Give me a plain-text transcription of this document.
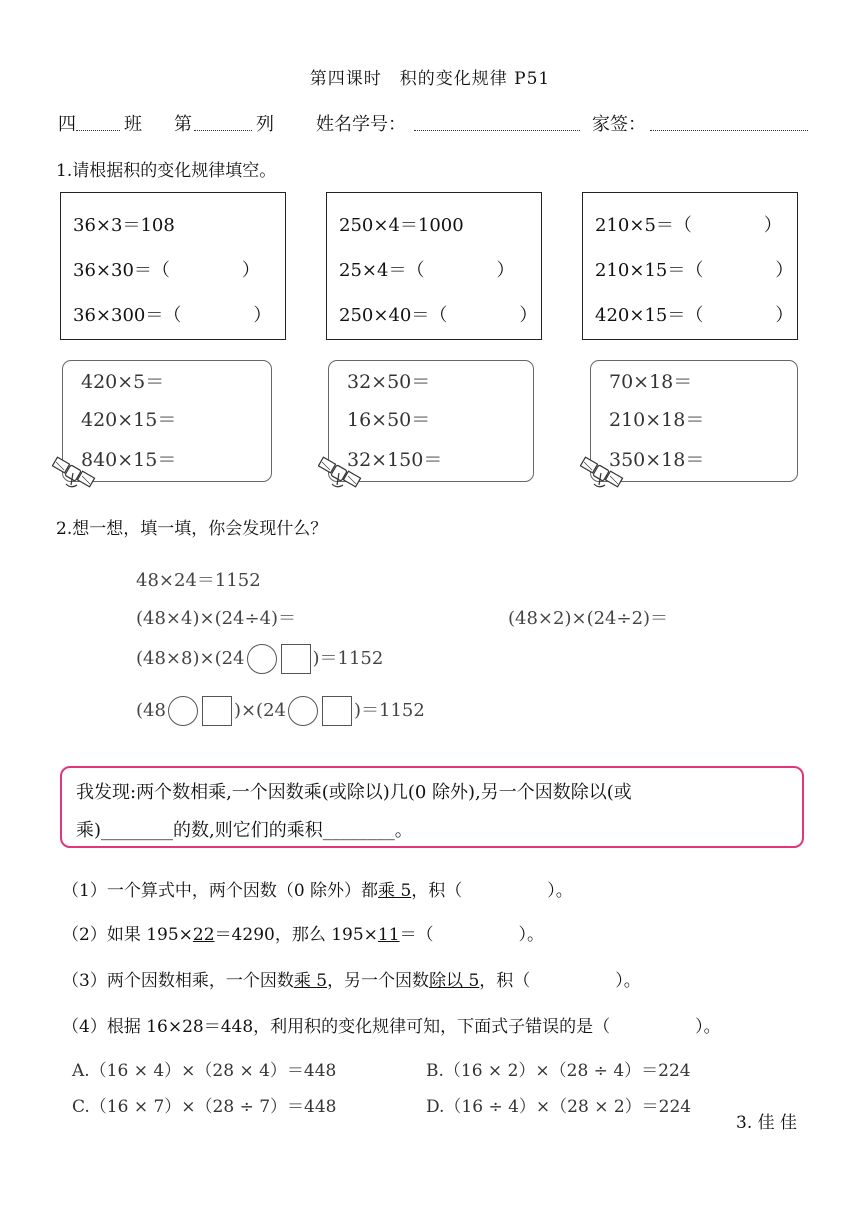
第四课时　积的变化规律 P51
四	班 第	列 姓名学号：	家签：
1.请根据积的变化规律填空。
36×3＝108
36×30＝（　　　　）
36×300＝（　　　　）
250×4＝1000
25×4＝（　　　　）
250×40＝（　　　　）
210×5＝（　　　　）
210×15＝（　　　　）
420×15＝（　　　　）
420×5＝
420×15＝
840×15＝
32×50＝
16×50＝
32×150＝
70×18＝
210×18＝
350×18＝
2.想一想，填一填，你会发现什么？
48×24＝1152
(48×4)×(24÷4)＝	(48×2)×(24÷2)＝
(48×8)×(24	)＝1152
(48	)×(24	)＝1152
我发现:两个数相乘,一个因数乘(或除以)几(0 除外),另一个因数除以(或
乘)________的数,则它们的乘积________。
（1）一个算式中，两个因数（0 除外）都乘 5，积（　　　　　）。
（2）如果 195×22＝4290，那么 195×11＝（　　　　　）。
（3）两个因数相乘，一个因数乘 5，另一个因数除以 5，积（　　　　　）。
（4）根据 16×28＝448，利用积的变化规律可知，下面式子错误的是（　　　　　）。
A.（16 × 4）×（28 × 4）＝448	B.（16 × 2）×（28 ÷ 4）＝224
C.（16 × 7）×（28 ÷ 7）＝448	D.（16 ÷ 4）×（28 × 2）＝224
3. 佳 佳
